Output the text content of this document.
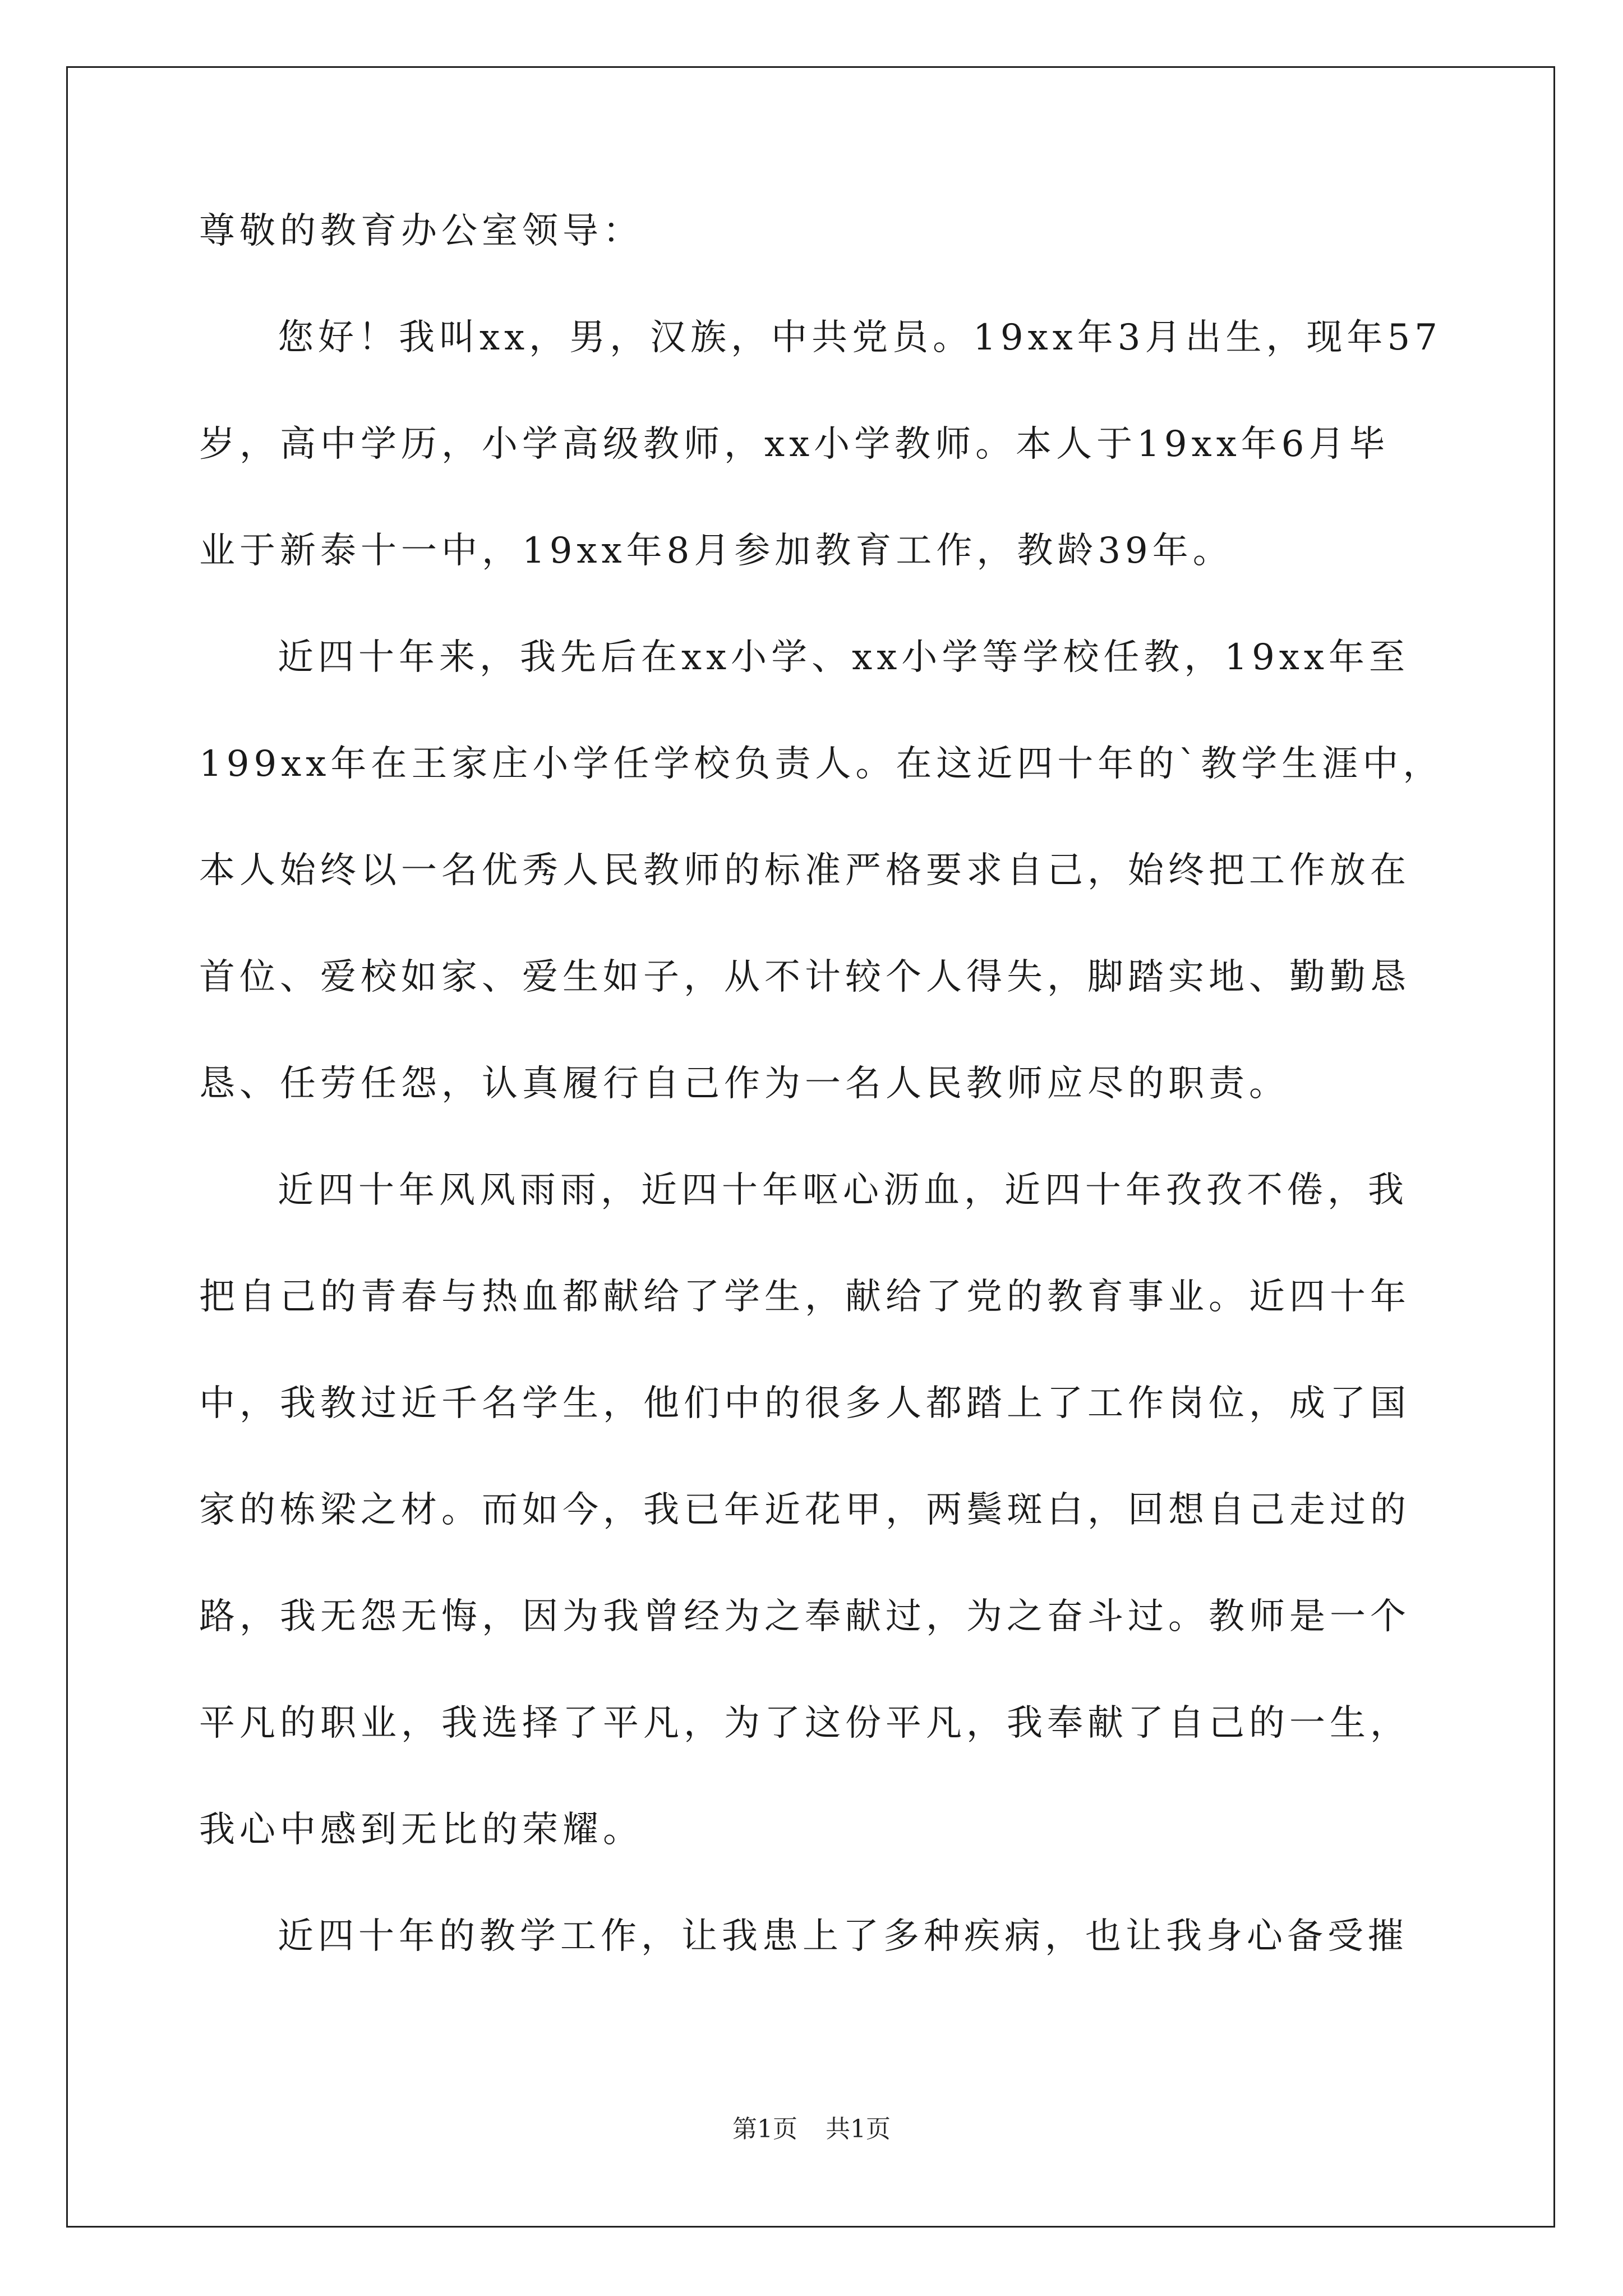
尊敬的教育办公室领导：
您好！我叫xx，男，汉族，中共党员。19xx年3月出生，现年57
岁，高中学历，小学高级教师，xx小学教师。本人于19xx年6月毕
业于新泰十一中，19xx年8月参加教育工作，教龄39年。
近四十年来，我先后在xx小学、xx小学等学校任教，19xx年至
199xx年在王家庄小学任学校负责人。在这近四十年的`教学生涯中，
本人始终以一名优秀人民教师的标准严格要求自己，始终把工作放在
首位、爱校如家、爱生如子，从不计较个人得失，脚踏实地、勤勤恳
恳、任劳任怨，认真履行自己作为一名人民教师应尽的职责。
近四十年风风雨雨，近四十年呕心沥血，近四十年孜孜不倦，我
把自己的青春与热血都献给了学生，献给了党的教育事业。近四十年
中，我教过近千名学生，他们中的很多人都踏上了工作岗位，成了国
家的栋梁之材。而如今，我已年近花甲，两鬓斑白，回想自己走过的
路，我无怨无悔，因为我曾经为之奉献过，为之奋斗过。教师是一个
平凡的职业，我选择了平凡，为了这份平凡，我奉献了自己的一生，
我心中感到无比的荣耀。
近四十年的教学工作，让我患上了多种疾病，也让我身心备受摧
第1页 共1页
